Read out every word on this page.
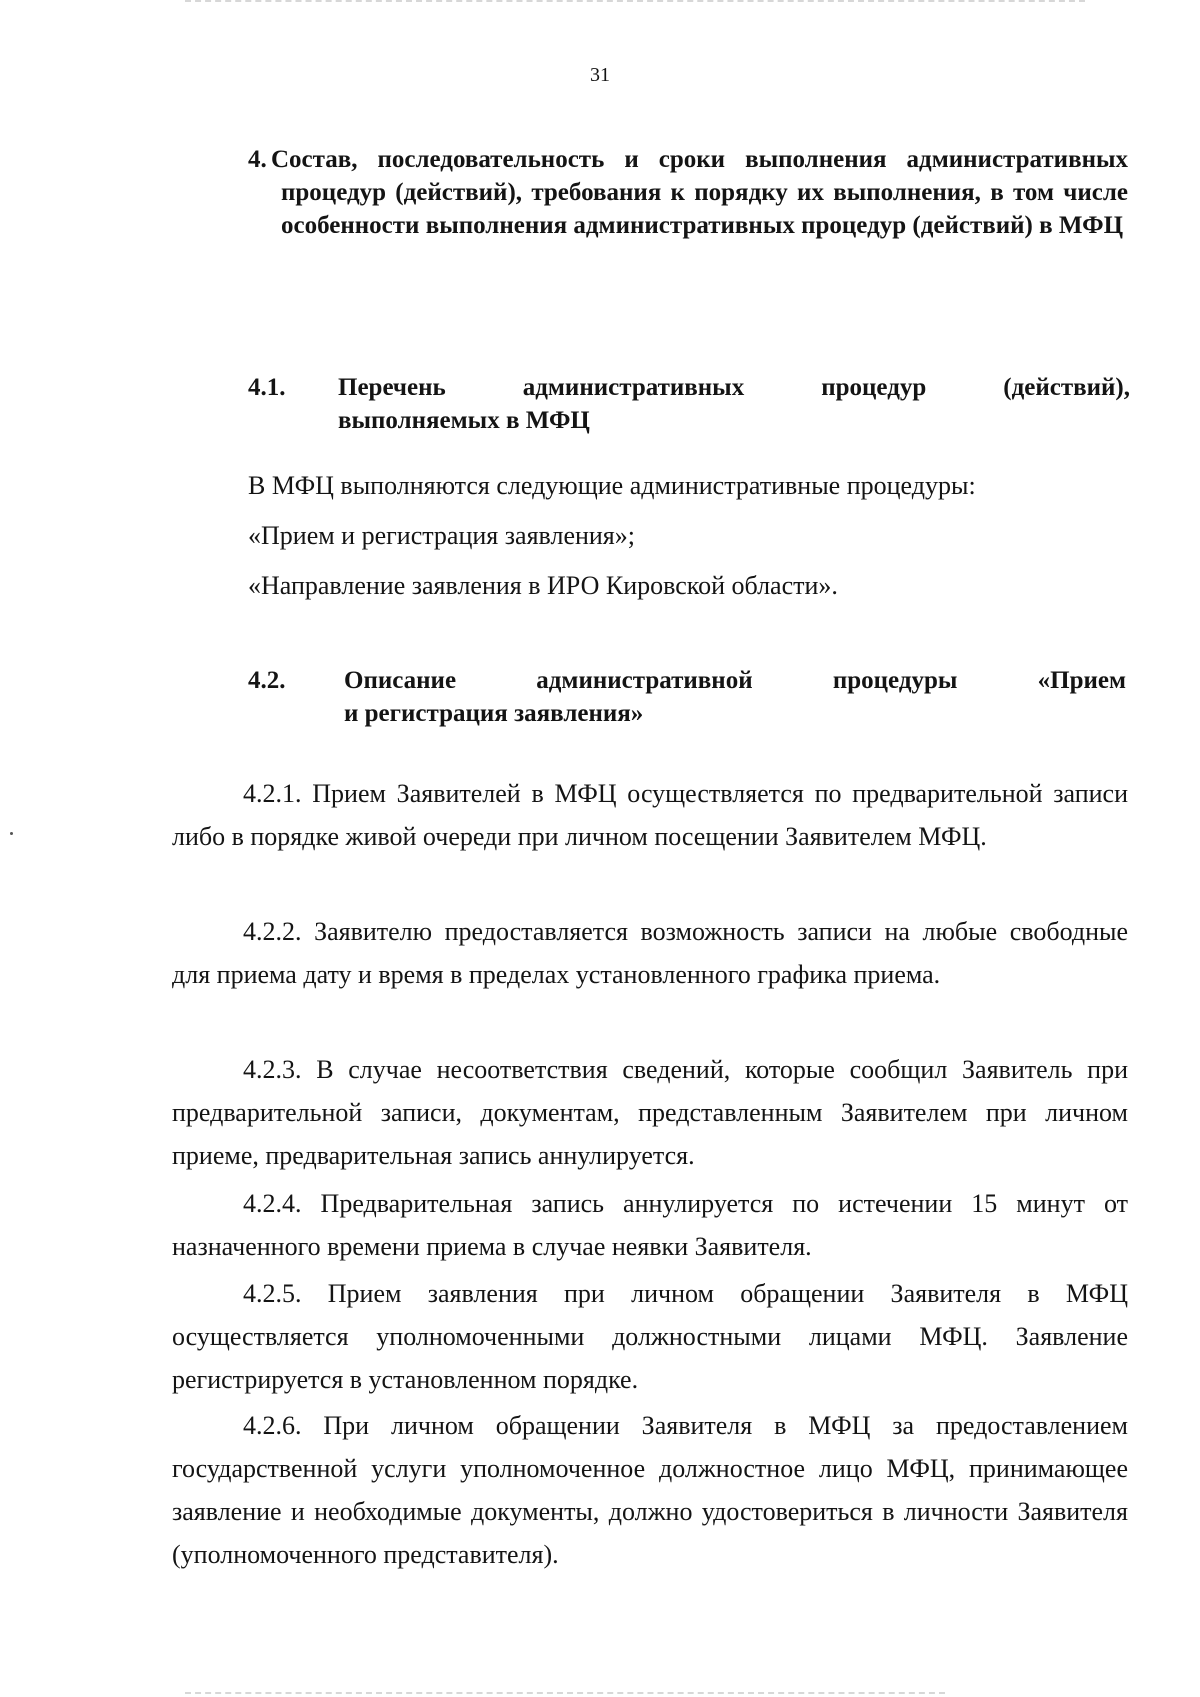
31
4. Состав, последовательность и сроки выполнения административных процедур (действий), требования к порядку их выполнения, в том числе особенности выполнения административных процедур (действий) в МФЦ
4.1.	Перечень административных процедур (действий),
выполняемых в МФЦ
В МФЦ выполняются следующие административные процедуры:
«Прием и регистрация заявления»;
«Направление заявления в ИРО Кировской области».
4.2.	Описание административной процедуры «Прием
и регистрация заявления»
4.2.1. Прием Заявителей в МФЦ осуществляется по предварительной записи либо в порядке живой очереди при личном посещении Заявителем МФЦ.
4.2.2. Заявителю предоставляется возможность записи на любые свободные для приема дату и время в пределах установленного графика приема.
4.2.3. В случае несоответствия сведений, которые сообщил Заявитель при предварительной записи, документам, представленным Заявителем при личном приеме, предварительная запись аннулируется.
4.2.4. Предварительная запись аннулируется по истечении 15 минут от назначенного времени приема в случае неявки Заявителя.
4.2.5. Прием заявления при личном обращении Заявителя в МФЦ осуществляется уполномоченными должностными лицами МФЦ. Заявление регистрируется в установленном порядке.
4.2.6. При личном обращении Заявителя в МФЦ за предоставлением государственной услуги уполномоченное должностное лицо МФЦ, принимающее заявление и необходимые документы, должно удостовериться в личности Заявителя (уполномоченного представителя).
